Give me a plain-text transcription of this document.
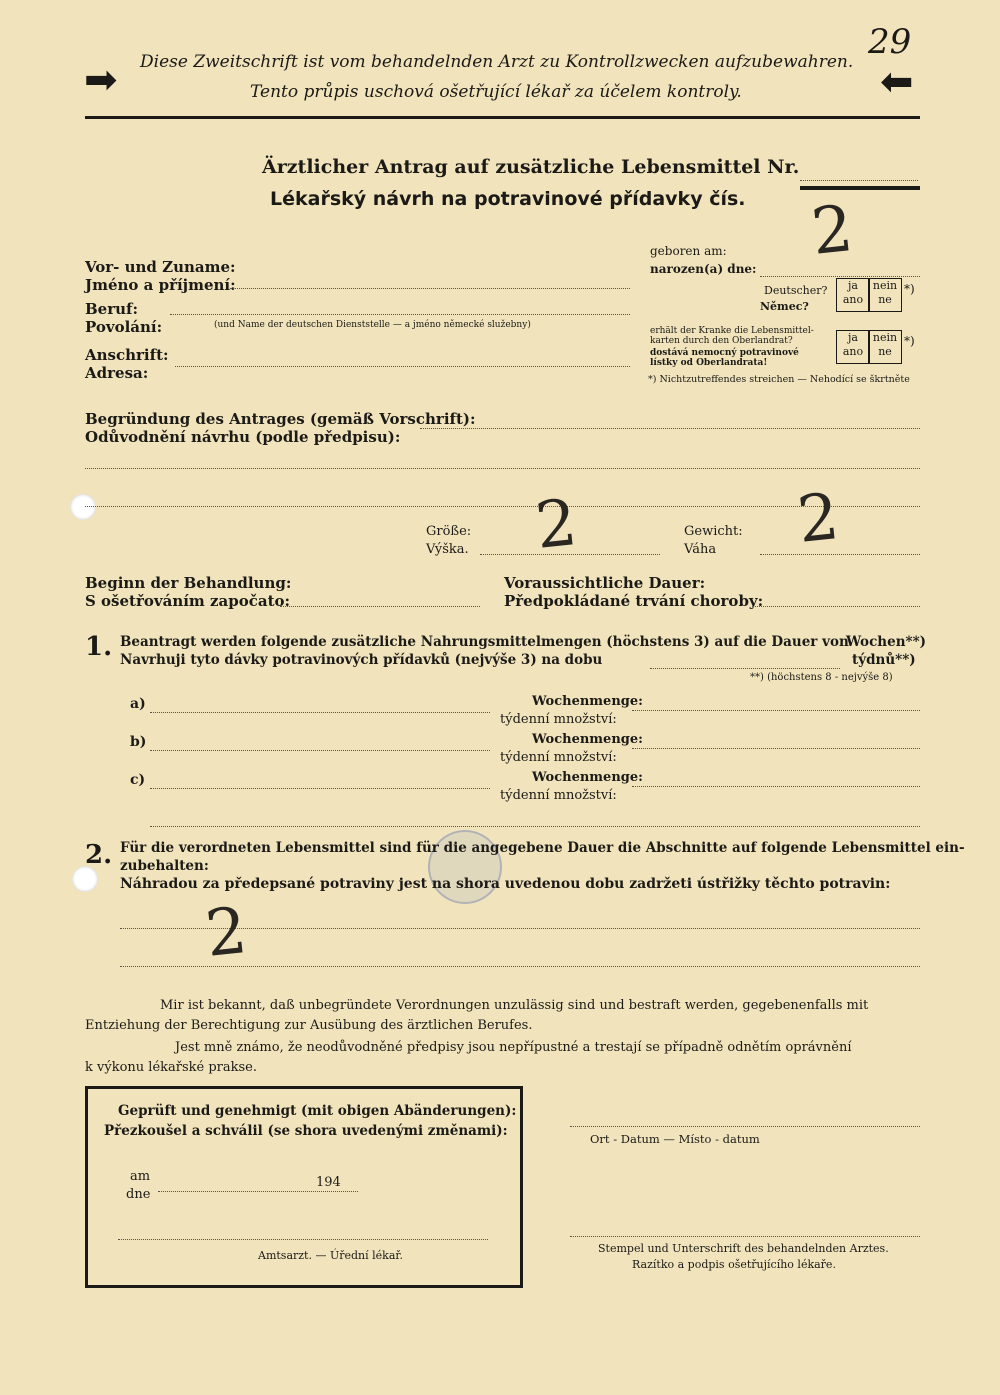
29
➡	⬅
Diese Zweitschrift ist vom behandelnden Arzt zu Kontrollzwecken aufzubewahren.
Tento průpis uschová ošetřující lékař za účelem kontroly.
Ärztlicher Antrag auf zusätzliche Lebensmittel Nr.
Lékařský návrh na potravinové přídavky čís.
Vor- und Zuname:
Jméno a příjmení:
Beruf:
Povolání:	(und Name der deutschen Dienststelle — a jméno německé služebny)
Anschrift:
Adresa:
geboren am:
narozen(a) dne:
Deutscher?
Němec?
ja
ano
nein
ne
*)
erhält der Kranke die Lebensmittel-
karten durch den Oberlandrat?
dostává nemocný potravinové
lístky od Oberlandrata!
ja
ano
nein
ne
*)
*) Nichtzutreffendes streichen — Nehodící se škrtněte
Begründung des Antrages (gemäß Vorschrift):
Odůvodnění návrhu (podle předpisu):
Größe:
Výška.
Gewicht:
Váha
Beginn der Behandlung:
S ošetřováním započato:
Voraussichtliche Dauer:
Předpokládané trvání choroby:
1. Beantragt werden folgende zusätzliche Nahrungsmittelmengen (höchstens 3) auf die Dauer von
Wochen**)
Navrhuji tyto dávky potravinových přídavků (nejvýše 3) na dobu	týdnů**)
**) (höchstens 8 - nejvýše 8)
a)	Wochenmenge:
týdenní množství:
b)	Wochenmenge:
týdenní množství:
c)	Wochenmenge:
týdenní množství:
2. Für die verordneten Lebensmittel sind für die angegebene Dauer die Abschnitte auf folgende Lebensmittel ein-
zubehalten:
Náhradou za předepsané potraviny jest na shora uvedenou dobu zadržeti ústřižky těchto potravin:
Mir ist bekannt, daß unbegründete Verordnungen unzulässig sind und bestraft werden, gegebenenfalls mit
Entziehung der Berechtigung zur Ausübung des ärztlichen Berufes.
Jest mně známo, že neodůvodněné předpisy jsou nepřípustné a trestají se případně odnětím oprávnění
k výkonu lékařské prakse.
Geprüft und genehmigt (mit obigen Abänderungen):
Přezkoušel a schválil (se shora uvedenými změnami):
am
dne
194
Amtsarzt. — Úřední lékař.
Ort - Datum — Místo - datum
Stempel und Unterschrift des behandelnden Arztes.
Razítko a podpis ošetřujícího lékaře.
2
2	2
2
